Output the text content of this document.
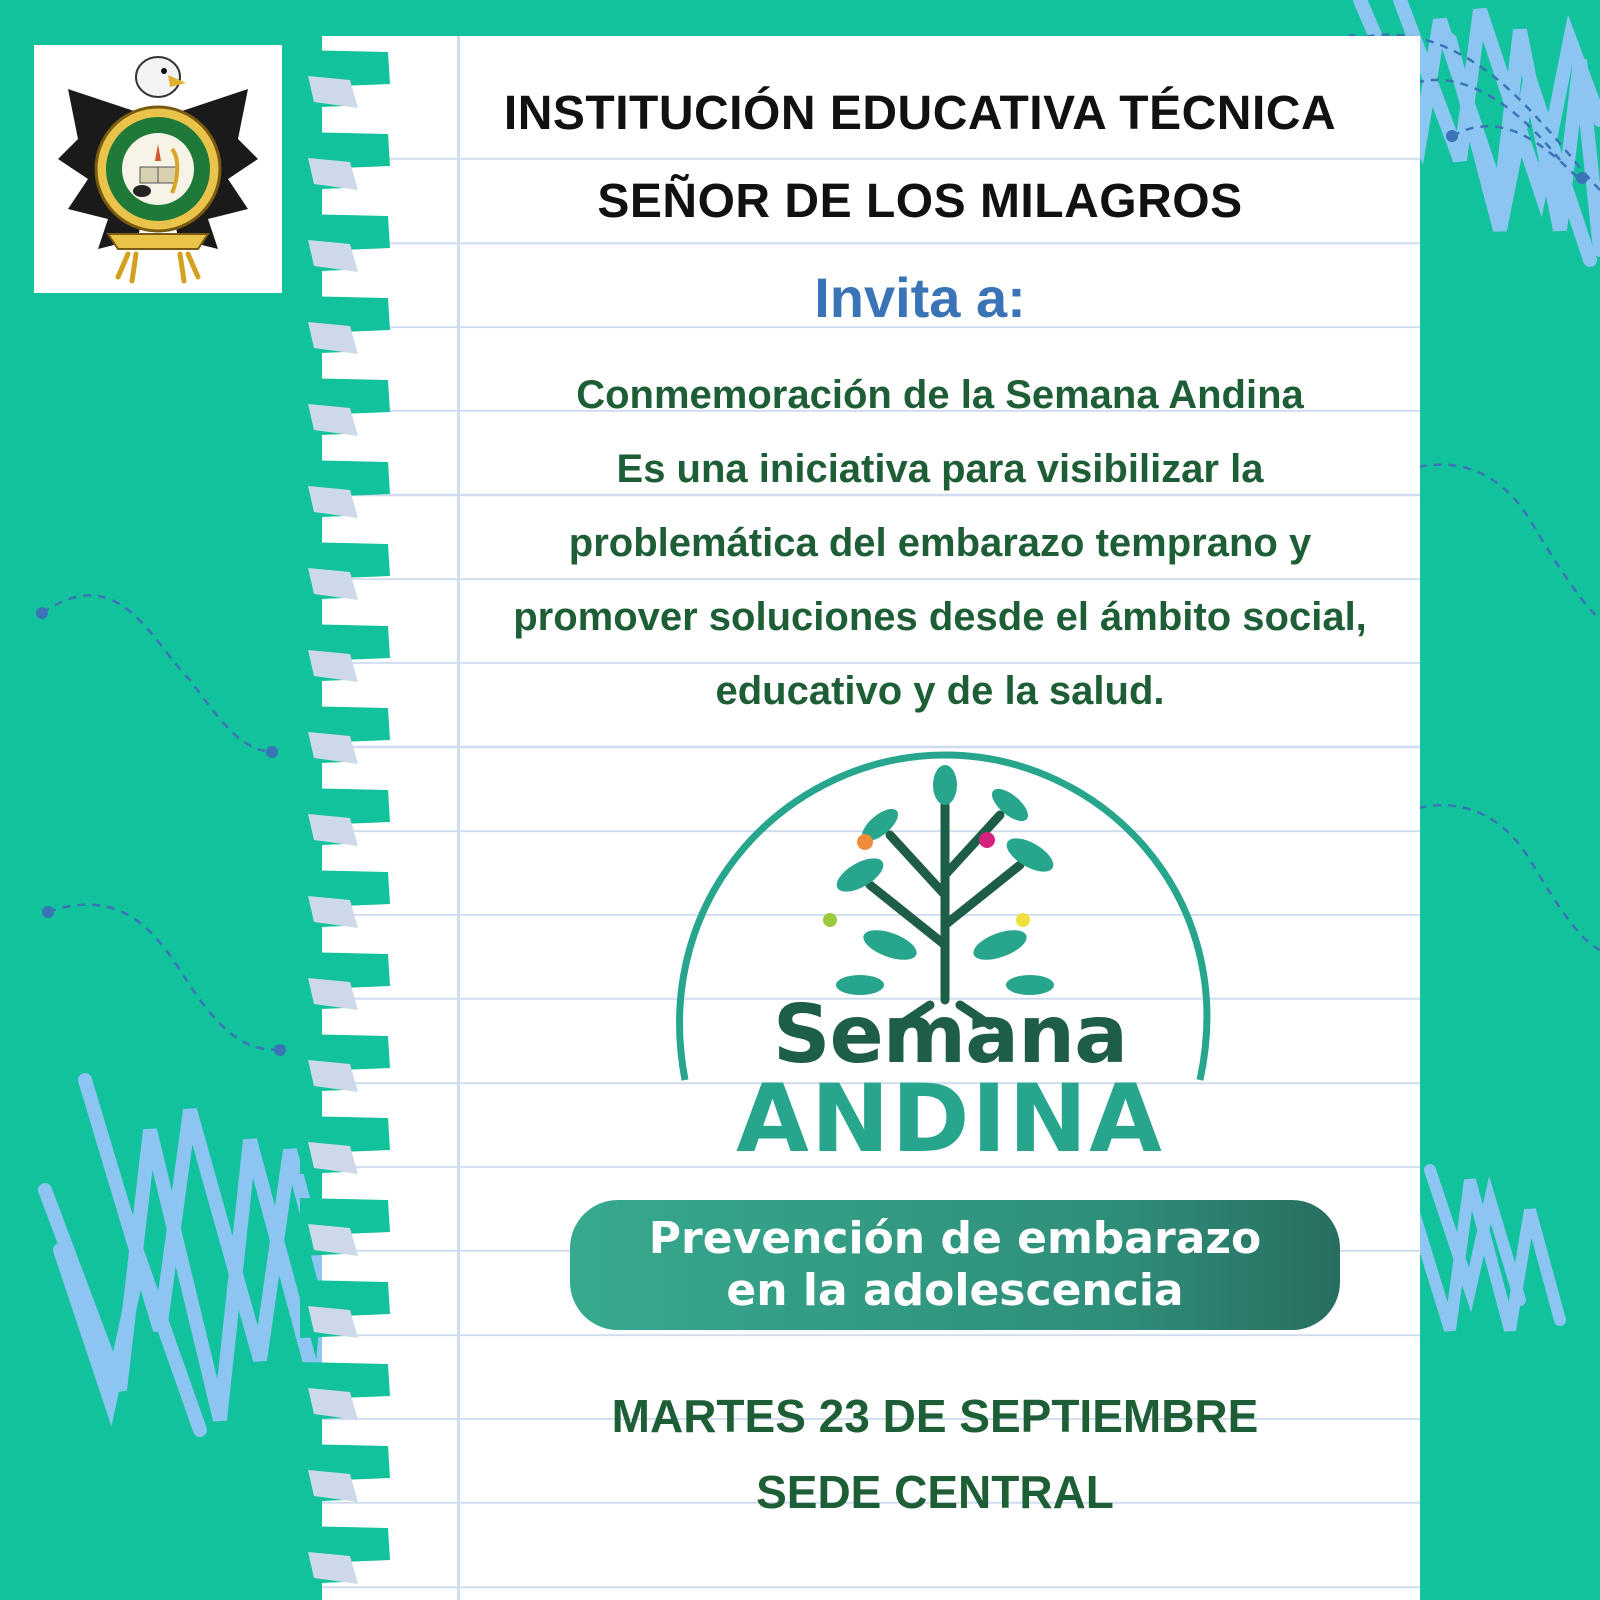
INSTITUCIÓN EDUCATIVA TÉCNICA
SEÑOR DE LOS MILAGROS
Invita a:
Conmemoración de la Semana Andina
Es una iniciativa para visibilizar la
problemática del embarazo temprano y
promover soluciones desde el ámbito social,
educativo y de la salud.
Semana
ANDINA
Prevención de embarazo
en la adolescencia
MARTES 23 DE SEPTIEMBRE
SEDE CENTRAL
